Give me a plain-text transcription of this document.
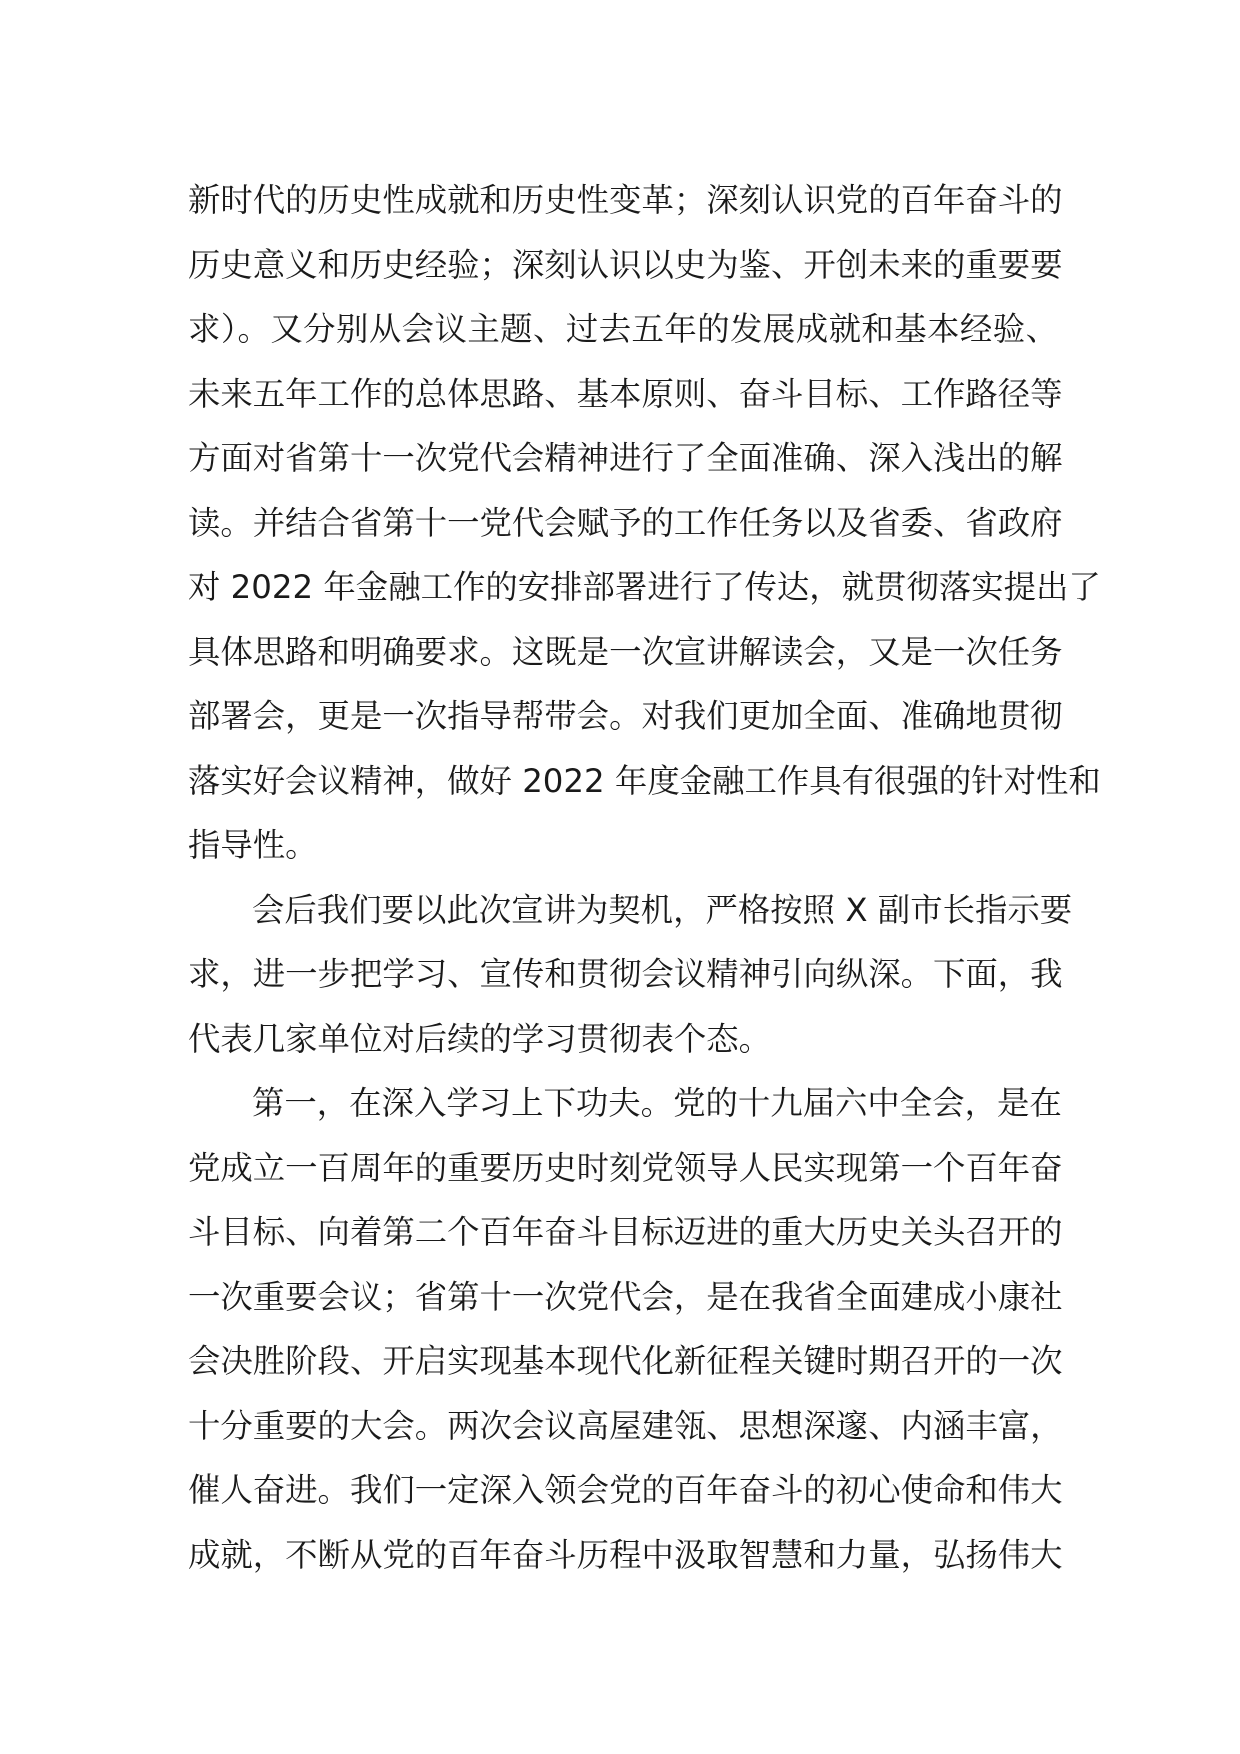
新时代的历史性成就和历史性变革；深刻认识党的百年奋斗的
历史意义和历史经验；深刻认识以史为鉴、开创未来的重要要
求）。又分别从会议主题、过去五年的发展成就和基本经验、
未来五年工作的总体思路、基本原则、奋斗目标、工作路径等
方面对省第十一次党代会精神进行了全面准确、深入浅出的解
读。并结合省第十一党代会赋予的工作任务以及省委、省政府
对 2022 年金融工作的安排部署进行了传达，就贯彻落实提出了
具体思路和明确要求。这既是一次宣讲解读会，又是一次任务
部署会，更是一次指导帮带会。对我们更加全面、准确地贯彻
落实好会议精神，做好 2022 年度金融工作具有很强的针对性和
指导性。
会后我们要以此次宣讲为契机，严格按照 X 副市长指示要
求，进一步把学习、宣传和贯彻会议精神引向纵深。下面，我
代表几家单位对后续的学习贯彻表个态。
第一，在深入学习上下功夫。党的十九届六中全会，是在
党成立一百周年的重要历史时刻党领导人民实现第一个百年奋
斗目标、向着第二个百年奋斗目标迈进的重大历史关头召开的
一次重要会议；省第十一次党代会，是在我省全面建成小康社
会决胜阶段、开启实现基本现代化新征程关键时期召开的一次
十分重要的大会。两次会议高屋建瓴、思想深邃、内涵丰富，
催人奋进。我们一定深入领会党的百年奋斗的初心使命和伟大
成就，不断从党的百年奋斗历程中汲取智慧和力量，弘扬伟大
